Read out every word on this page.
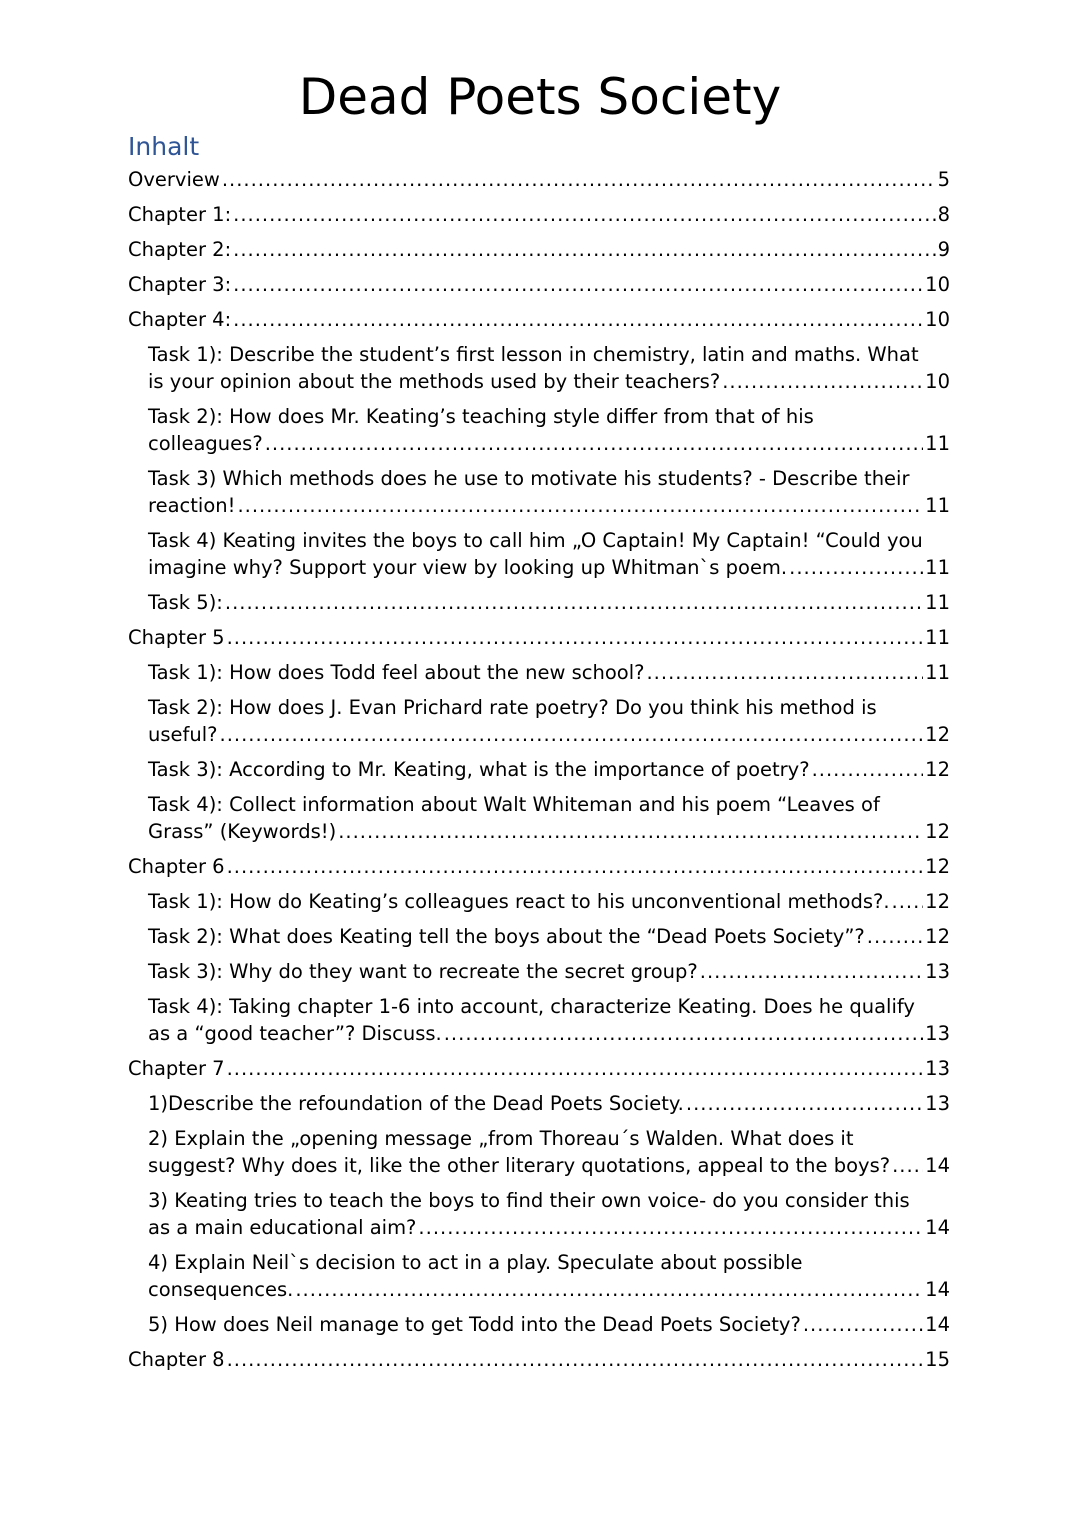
Dead Poets Society
Inhalt
Overview .....	5
Chapter 1: .....	8
Chapter 2: .....	9
Chapter 3: .....	10
Chapter 4: .....	10
Task 1): Describe the student’s first lesson in chemistry, latin and maths. What
is your opinion about the methods used by their teachers? .....	10
Task 2): How does Mr. Keating’s teaching style differ from that of his
colleagues? .....	11
Task 3) Which methods does he use to motivate his students? - Describe their
reaction! .....	11
Task 4) Keating invites the boys to call him „O Captain! My Captain! “Could you
imagine why? Support your view by looking up Whitman`s poem. .....	11
Task 5): .....	11
Chapter 5 .....	11
Task 1): How does Todd feel about the new school? .....	11
Task 2): How does J. Evan Prichard rate poetry? Do you think his method is
useful? .....	12
Task 3): According to Mr. Keating, what is the importance of poetry? .....	12
Task 4): Collect information about Walt Whiteman and his poem “Leaves of
Grass” (Keywords!) .....	12
Chapter 6 .....	12
Task 1): How do Keating’s colleagues react to his unconventional methods?. ..... 12
Task 2): What does Keating tell the boys about the “Dead Poets Society”? .....	12
Task 3): Why do they want to recreate the secret group? .....	13
Task 4): Taking chapter 1-6 into account, characterize Keating. Does he qualify
as a “good teacher”? Discuss. .....	13
Chapter 7 .....	13
1)Describe the refoundation of the Dead Poets Society. .....	13
2) Explain the „opening message „from Thoreau´s Walden. What does it
suggest? Why does it, like the other literary quotations, appeal to the boys? ..... 14
3) Keating tries to teach the boys to find their own voice- do you consider this
as a main educational aim? .....	14
4) Explain Neil`s decision to act in a play. Speculate about possible
consequences. .....	14
5) How does Neil manage to get Todd into the Dead Poets Society? .....	14
Chapter 8 .....	15
